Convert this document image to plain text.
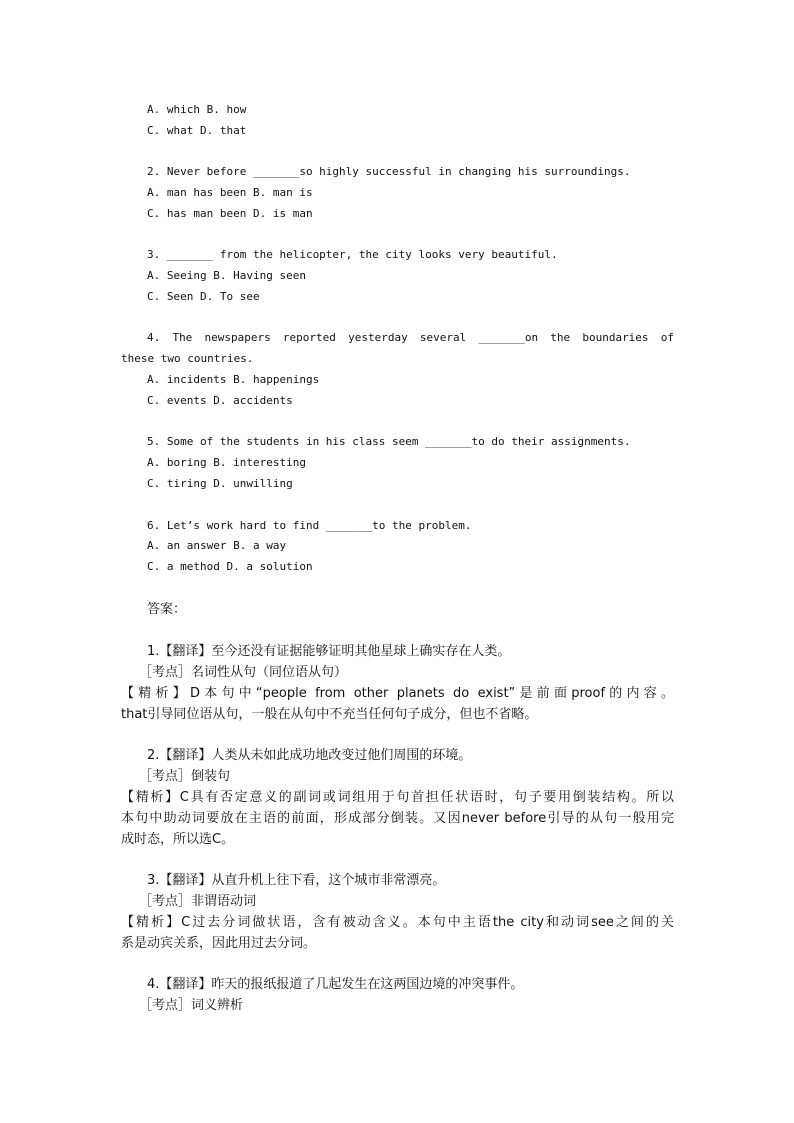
A. which B. how
C. what D. that
2. Never before _______so highly successful in changing his surroundings.
A. man has been B. man is
C. has man been D. is man
3. _______ from the helicopter, the city looks very beautiful.
A. Seeing B. Having seen
C. Seen D. To see
4. The newspapers reported yesterday several _______on the boundaries of
these two countries.
A. incidents B. happenings
C. events D. accidents
5. Some of the students in his class seem _______to do their assignments.
A. boring B. interesting
C. tiring D. unwilling
6. Let’s work hard to find _______to the problem.
A. an answer B. a way
C. a method D. a solution
答案：
1.【翻译】至今还没有证据能够证明其他星球上确实存在人类。
［考点］名词性从句（同位语从句）
【精析】D本句中“people from other planets do exist”是前面proof的内容。
that引导同位语从句，一般在从句中不充当任何句子成分，但也不省略。
2.【翻译】人类从未如此成功地改变过他们周围的环境。
［考点］倒装句
【精析】C具有否定意义的副词或词组用于句首担任状语时，句子要用倒装结构。所以
本句中助动词要放在主语的前面，形成部分倒装。又因never before引导的从句一般用完
成时态，所以选C。
3.【翻译】从直升机上往下看，这个城市非常漂亮。
［考点］非谓语动词
【精析】C过去分词做状语，含有被动含义。本句中主语the city和动词see之间的关
系是动宾关系，因此用过去分词。
4.【翻译】昨天的报纸报道了几起发生在这两国边境的冲突事件。
［考点］词义辨析
